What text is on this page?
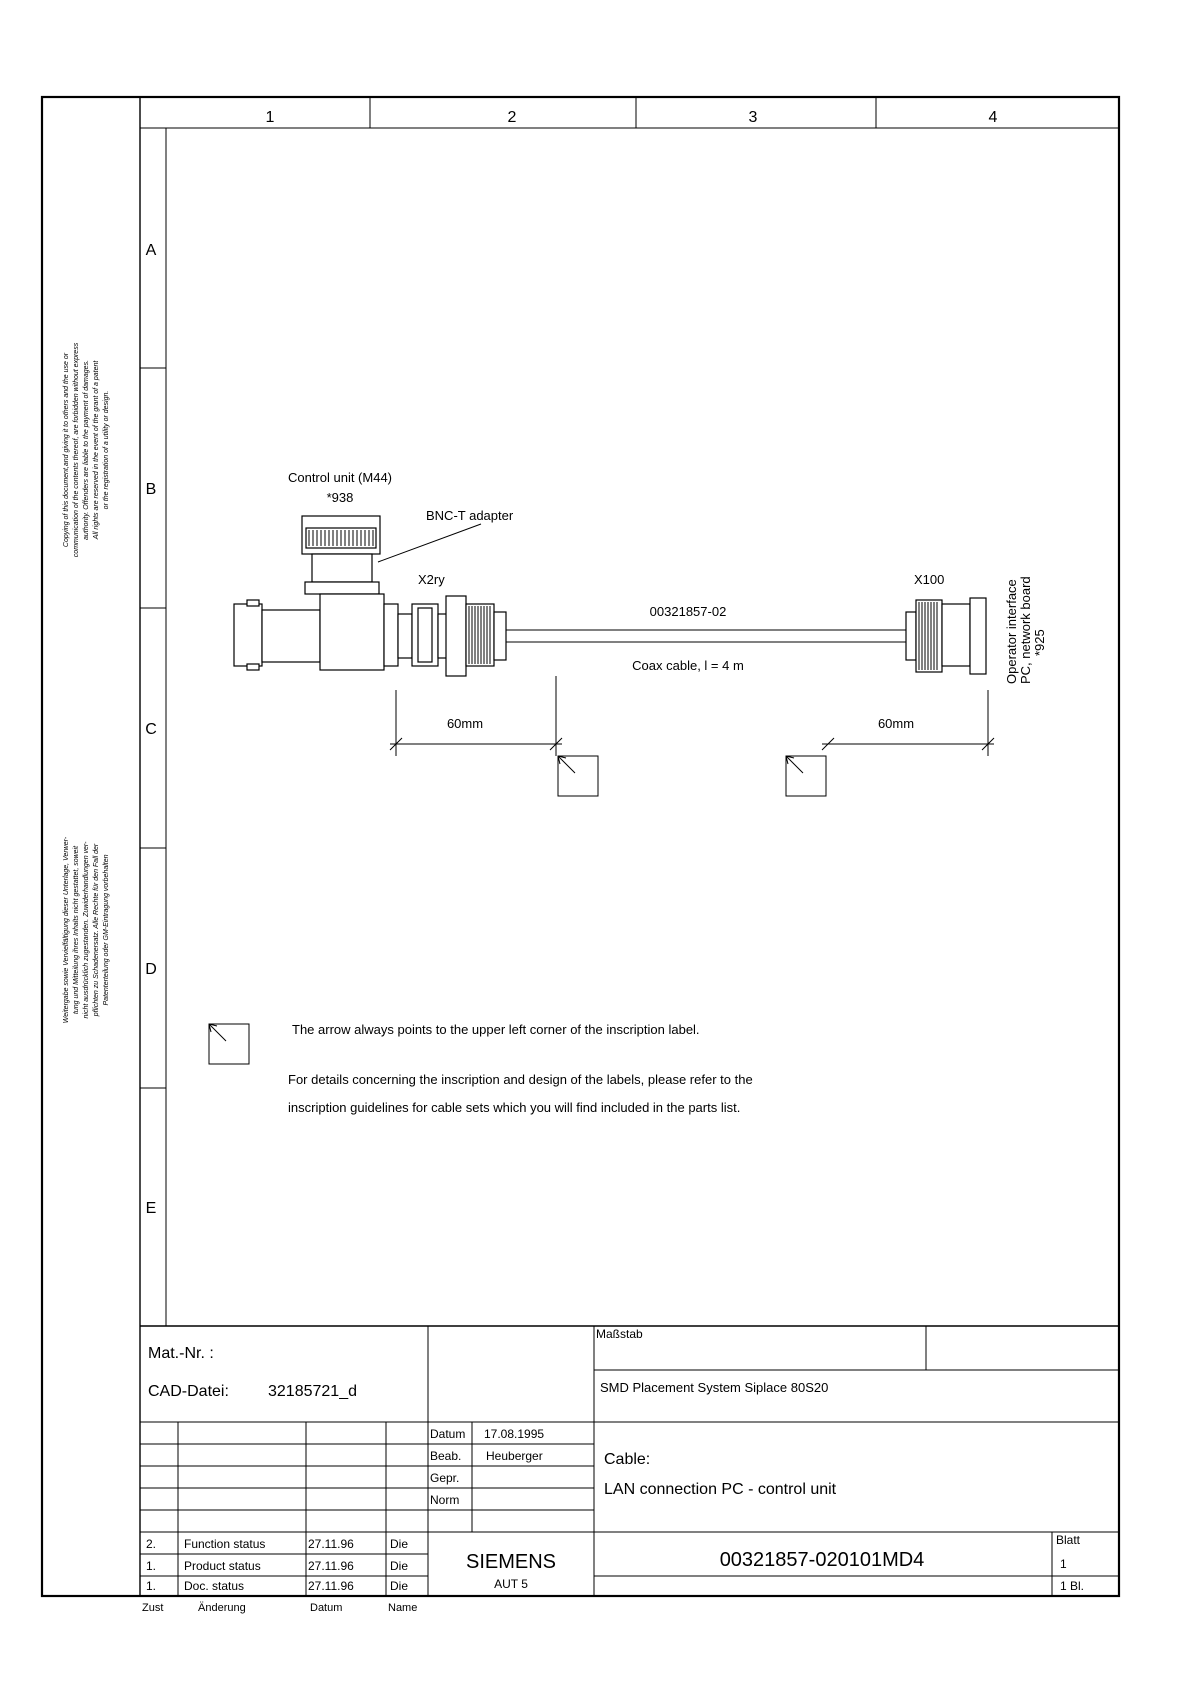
1	2	3	4
A
B
C
D
E
Copying of this document,and giving it to others and the use or communication of the contents thereof, are forbidden without express authority. Offenders are liable to the payment of damages. All rights are reserved in the event of the grant of a patent or the registration of a utility or design.
Weitergabe sowie Vervielfältigung dieser Unterlage, Verwer- tung und Mitteilung ihres Inhalts nicht gestattet, soweit nicht ausdrücklich zugestanden. Zuwiderhandlungen ver- pflichten zu Schadenersatz. Alle Rechte für den Fall der Patenterteilung oder GM-Eintragung vorbehalten
Control unit (M44)
*938
BNC-T adapter
X2ry
00321857-02
Coax cable, l = 4 m
X100	Operator interface PC, network board *925
60mm	60mm
The arrow always points to the upper left corner of the inscription label.
For details concerning the inscription and design of the labels, please refer to the
inscription guidelines for cable sets which you will find included in the parts list.
Mat.-Nr. :
CAD-Datei: 32185721_d
Maßstab
SMD Placement System Siplace 80S20
Datum 17.08.1995
Beab. Heuberger
Gepr.
Norm
Cable:
LAN connection PC - control unit
SIEMENS
AUT 5
00321857-020101MD4
Blatt
1
1 Bl.
2. Function status	27.11.96	Die
1. Product status	27.11.96	Die
1. Doc. status	27.11.96	Die
Zust	Änderung	Datum	Name
